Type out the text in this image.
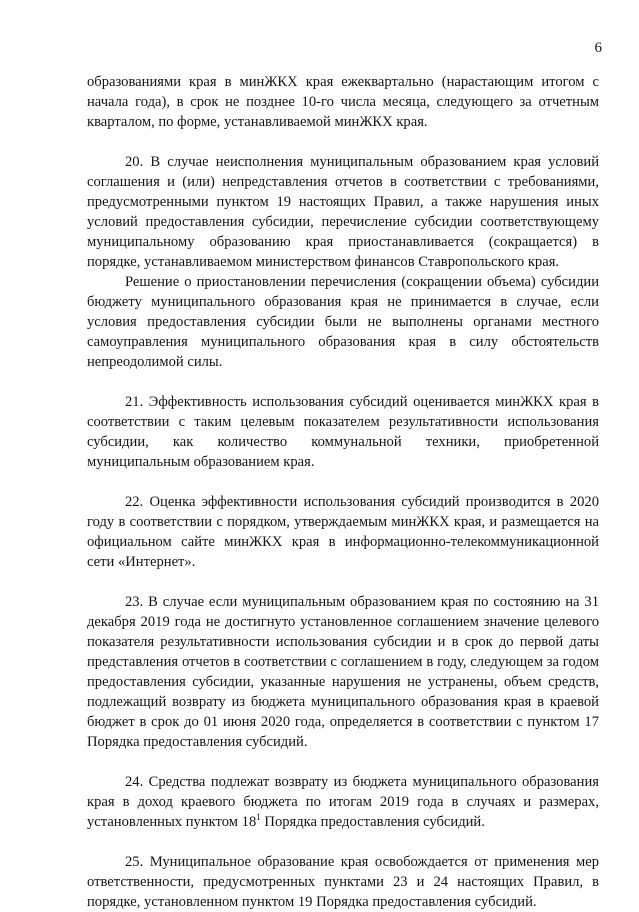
6

образованиями края в минЖКХ края ежеквартально (нарастающим итогом с начала года), в срок не позднее 10-го числа месяца, следующего за отчетным кварталом, по форме, устанавливаемой минЖКХ края.

20. В случае неисполнения муниципальным образованием края условий соглашения и (или) непредставления отчетов в соответствии с требованиями, предусмотренными пунктом 19 настоящих Правил, а также нарушения иных условий предоставления субсидии, перечисление субсидии соответствующему муниципальному образованию края приостанавливается (сокращается) в порядке, устанавливаемом министерством финансов Ставропольского края.

Решение о приостановлении перечисления (сокращении объема) субсидии бюджету муниципального образования края не принимается в случае, если условия предоставления субсидии были не выполнены органами местного самоуправления муниципального образования края в силу обстоятельств непреодолимой силы.

21. Эффективность использования субсидий оценивается минЖКХ края в соответствии с таким целевым показателем результативности использования субсидии, как количество коммунальной техники, приобретенной муниципальным образованием края.

22. Оценка эффективности использования субсидий производится в 2020 году в соответствии с порядком, утверждаемым минЖКХ края, и размещается на официальном сайте минЖКХ края в информационно-телекоммуникационной сети «Интернет».

23. В случае если муниципальным образованием края по состоянию на 31 декабря 2019 года не достигнуто установленное соглашением значение целевого показателя результативности использования субсидии и в срок до первой даты представления отчетов в соответствии с соглашением в году, следующем за годом предоставления субсидии, указанные нарушения не устранены, объем средств, подлежащий возврату из бюджета муниципального образования края в краевой бюджет в срок до 01 июня 2020 года, определяется в соответствии с пунктом 17 Порядка предоставления субсидий.

24. Средства подлежат возврату из бюджета муниципального образования края в доход краевого бюджета по итогам 2019 года в случаях и размерах, установленных пунктом $18^1$ Порядка предоставления субсидий.

25. Муниципальное образование края освобождается от применения мер ответственности, предусмотренных пунктами 23 и 24 настоящих Правил, в порядке, установленном пунктом 19 Порядка предоставления субсидий.
